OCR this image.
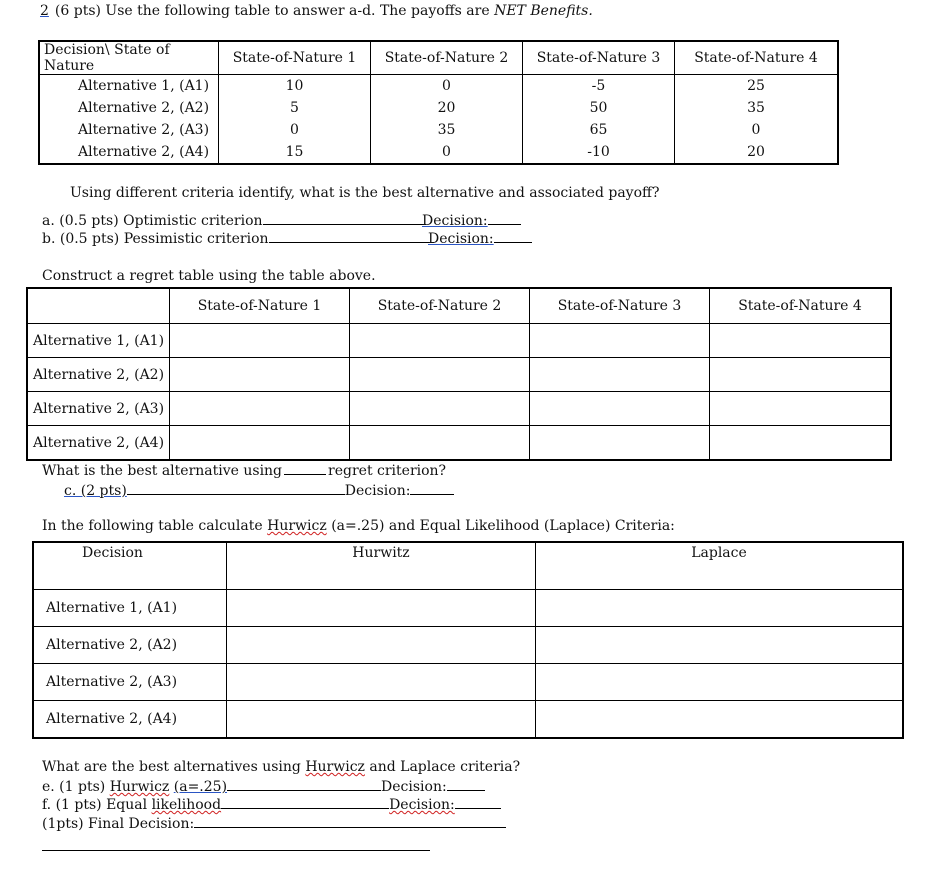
2 (6 pts) Use the following table to answer a-d. The payoffs are NET Benefits.
Decision\ State of Nature	State-of-Nature 1	State-of-Nature 2	State-of-Nature 3	State-of-Nature 4
Alternative 1, (A1)	10	0	-5	25
Alternative 2, (A2)	5	20	50	35
Alternative 2, (A3)	0	35	65	0
Alternative 2, (A4)	15	0	-10	20
Using different criteria identify, what is the best alternative and associated payoff?
a. (0.5 pts) Optimistic criterion	Decision:
b. (0.5 pts) Pessimistic criterion	Decision:
Construct a regret table using the table above.
	State-of-Nature 1	State-of-Nature 2	State-of-Nature 3	State-of-Nature 4
Alternative 1, (A1)				
Alternative 2, (A2)				
Alternative 2, (A3)				
Alternative 2, (A4)				
What is the best alternative using	regret criterion?
c. (2 pts)	Decision:
In the following table calculate Hurwicz (a=.25) and Equal Likelihood (Laplace) Criteria:
Decision	Hurwitz	Laplace
Alternative 1, (A1)		
Alternative 2, (A2)		
Alternative 2, (A3)		
Alternative 2, (A4)		
What are the best alternatives using Hurwicz and Laplace criteria?
e. (1 pts) Hurwicz (a=.25)	Decision:
f. (1 pts) Equal likelihood	Decision:
(1pts) Final Decision:
